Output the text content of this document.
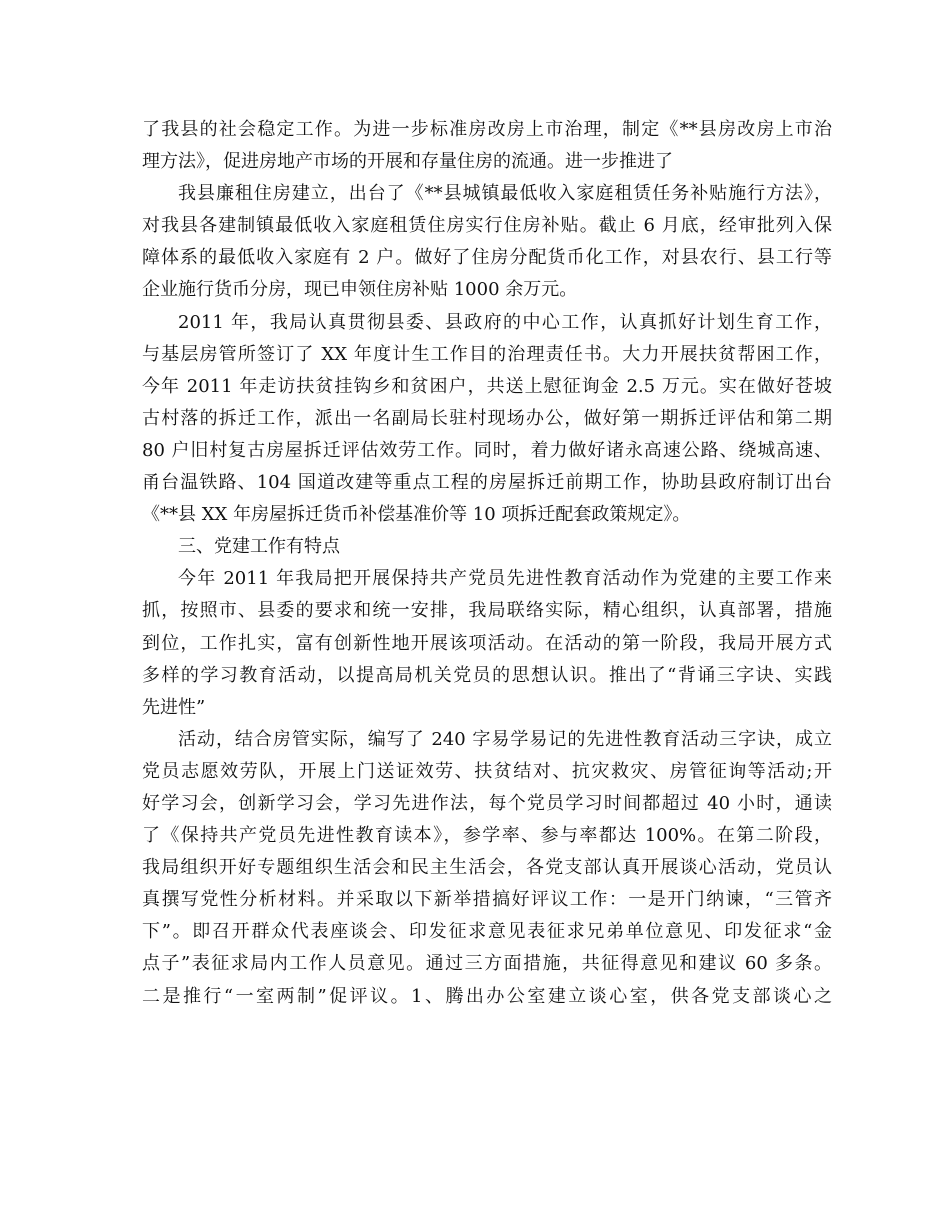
了我县的社会稳定工作。为进一步标准房改房上市治理，制定《**县房改房上市治
理方法》，促进房地产市场的开展和存量住房的流通。进一步推进了
我县廉租住房建立，出台了《**县城镇最低收入家庭租赁任务补贴施行方法》，
对我县各建制镇最低收入家庭租赁住房实行住房补贴。截止 6 月底，经审批列入保
障体系的最低收入家庭有 2 户。做好了住房分配货币化工作，对县农行、县工行等
企业施行货币分房，现已申领住房补贴 1000 余万元。
2011 年，我局认真贯彻县委、县政府的中心工作，认真抓好计划生育工作，
与基层房管所签订了 XX 年度计生工作目的治理责任书。大力开展扶贫帮困工作，
今年 2011 年走访扶贫挂钩乡和贫困户，共送上慰征询金 2.5 万元。实在做好苍坡
古村落的拆迁工作，派出一名副局长驻村现场办公，做好第一期拆迁评估和第二期
80 户旧村复古房屋拆迁评估效劳工作。同时，着力做好诸永高速公路、绕城高速、
甬台温铁路、104 国道改建等重点工程的房屋拆迁前期工作，协助县政府制订出台
《**县 XX 年房屋拆迁货币补偿基准价等 10 项拆迁配套政策规定》。
三、党建工作有特点
今年 2011 年我局把开展保持共产党员先进性教育活动作为党建的主要工作来
抓，按照市、县委的要求和统一安排，我局联络实际，精心组织，认真部署，措施
到位，工作扎实，富有创新性地开展该项活动。在活动的第一阶段，我局开展方式
多样的学习教育活动，以提高局机关党员的思想认识。推出了“背诵三字诀、实践
先进性”
活动，结合房管实际，编写了 240 字易学易记的先进性教育活动三字诀，成立
党员志愿效劳队，开展上门送证效劳、扶贫结对、抗灾救灾、房管征询等活动;开
好学习会，创新学习会，学习先进作法，每个党员学习时间都超过 40 小时，通读
了《保持共产党员先进性教育读本》，参学率、参与率都达 100%。在第二阶段，
我局组织开好专题组织生活会和民主生活会，各党支部认真开展谈心活动，党员认
真撰写党性分析材料。并采取以下新举措搞好评议工作：一是开门纳谏，“三管齐
下”。即召开群众代表座谈会、印发征求意见表征求兄弟单位意见、印发征求“金
点子”表征求局内工作人员意见。通过三方面措施，共征得意见和建议 60 多条。
二是推行“一室两制”促评议。1、腾出办公室建立谈心室，供各党支部谈心之
